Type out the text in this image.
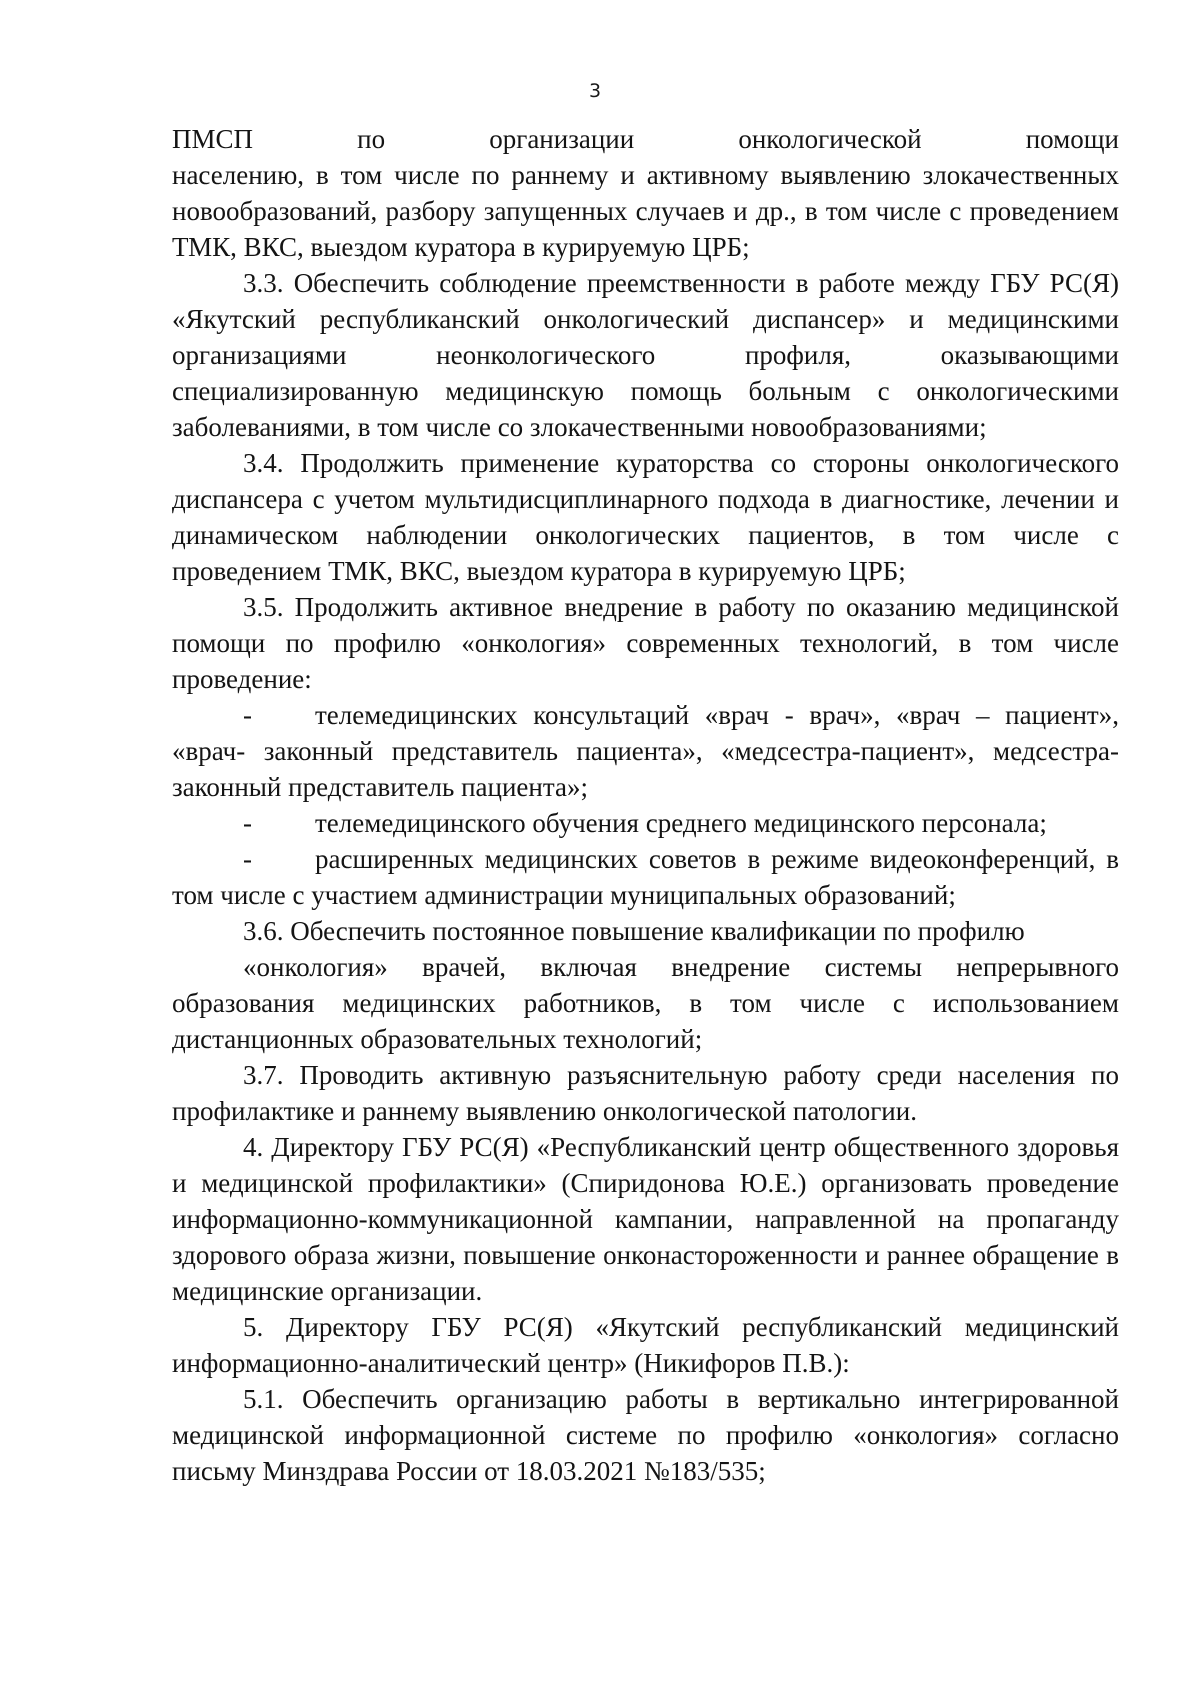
3

ПМСП по организации онкологической помощи

населению, в том числе по раннему и активному выявлению злокачественных новообразований, разбору запущенных случаев и др., в том числе с проведением ТМК, ВКС, выездом куратора в курируемую ЦРБ;

3.3. Обеспечить соблюдение преемственности в работе между ГБУ РС(Я) «Якутский республиканский онкологический диспансер» и медицинскими организациями неонкологического профиля, оказывающими специализированную медицинскую помощь больным с онкологическими заболеваниями, в том числе со злокачественными новообразованиями;

3.4. Продолжить применение кураторства со стороны онкологического диспансера с учетом мультидисциплинарного подхода в диагностике, лечении и динамическом наблюдении онкологических пациентов, в том числе с проведением ТМК, ВКС, выездом куратора в курируемую ЦРБ;

3.5. Продолжить активное внедрение в работу по оказанию медицинской помощи по профилю «онкология» современных технологий, в том числе проведение:

- телемедицинских консультаций «врач - врач», «врач – пациент», «врач- законный представитель пациента», «медсестра-пациент», медсестра-законный представитель пациента»;

- телемедицинского обучения среднего медицинского персонала;

- расширенных медицинских советов в режиме видеоконференций, в том числе с участием администрации муниципальных образований;

3.6. Обеспечить постоянное повышение квалификации по профилю

«онкология» врачей, включая внедрение системы непрерывного образования медицинских работников, в том числе с использованием дистанционных образовательных технологий;

3.7. Проводить активную разъяснительную работу среди населения по профилактике и раннему выявлению онкологической патологии.

4. Директору ГБУ РС(Я) «Республиканский центр общественного здоровья и медицинской профилактики» (Спиридонова Ю.Е.) организовать проведение информационно-коммуникационной кампании, направленной на пропаганду здорового образа жизни, повышение онконастороженности и раннее обращение в медицинские организации.

5. Директору ГБУ РС(Я) «Якутский республиканский медицинский информационно-аналитический центр» (Никифоров П.В.):

5.1. Обеспечить организацию работы в вертикально интегрированной медицинской информационной системе по профилю «онкология» согласно письму Минздрава России от 18.03.2021 №183/535;
